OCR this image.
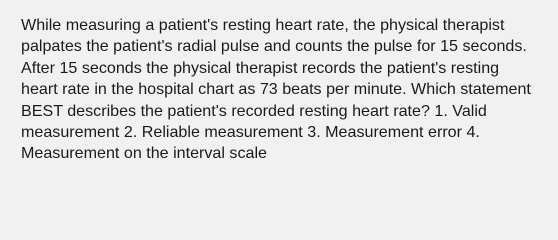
While measuring a patient's resting heart rate, the physical therapist palpates the patient's radial pulse and counts the pulse for 15 seconds. After 15 seconds the physical therapist records the patient's resting heart rate in the hospital chart as 73 beats per minute. Which statement BEST describes the patient's recorded resting heart rate? 1. Valid measurement 2. Reliable measurement 3. Measurement error 4. Measurement on the interval scale
